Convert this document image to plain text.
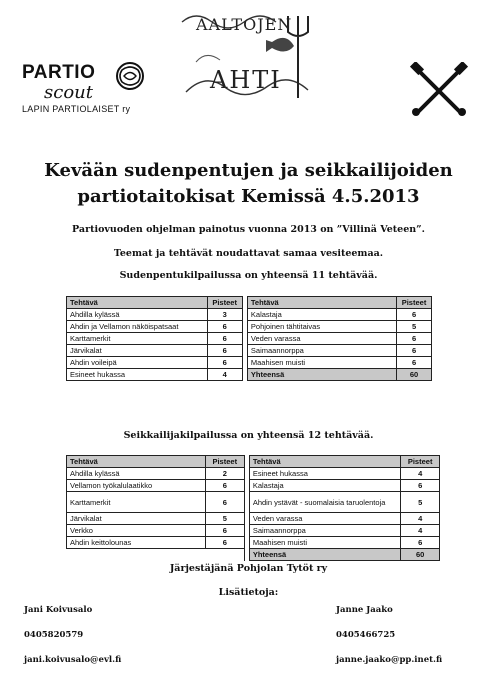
PARTIO
scout
LAPIN PARTIOLAISET ry
AALTOJEN
AHTI
Kevään sudenpentujen ja seikkailijoiden
partiotaitokisat Kemissä 4.5.2013
Partiovuoden ohjelman painotus vuonna 2013 on ”Villinä Veteen”.
Teemat ja tehtävät noudattavat samaa vesiteemaa.
Sudenpentukilpailussa on yhteensä 11 tehtävää.
Tehtävä	Pisteet		Tehtävä	Pisteet
Ahdilla kylässä	3		Kalastaja	6
Ahdin ja Vellamon näköispatsaat	6		Pohjoinen tähtitaivas	5
Karttamerkit	6		Veden varassa	6
Järvikalat	6		Saimaannorppa	6
Ahdin voileipä	6		Maahisen muisti	6
Esineet hukassa	4		Yhteensä	60
Seikkailijakilpailussa on yhteensä 12 tehtävää.
Tehtävä	Pisteet		Tehtävä	Pisteet
Ahdilla kylässä	2		Esineet hukassa	4
Vellamon työkalulaatikko	6		Kalastaja	6
Karttamerkit	6		Ahdin ystävät - suomalaisia taruolentoja	5
Järvikalat	5		Veden varassa	4
Verkko	6		Saimaannorppa	4
Ahdin keittolounas	6		Maahisen muisti	6
			Yhteensä	60
Järjestäjänä Pohjolan Tytöt ry
Lisätietoja:
Jani Koivusalo
0405820579
jani.koivusalo@evl.fi
Janne Jaako
0405466725
janne.jaako@pp.inet.fi
